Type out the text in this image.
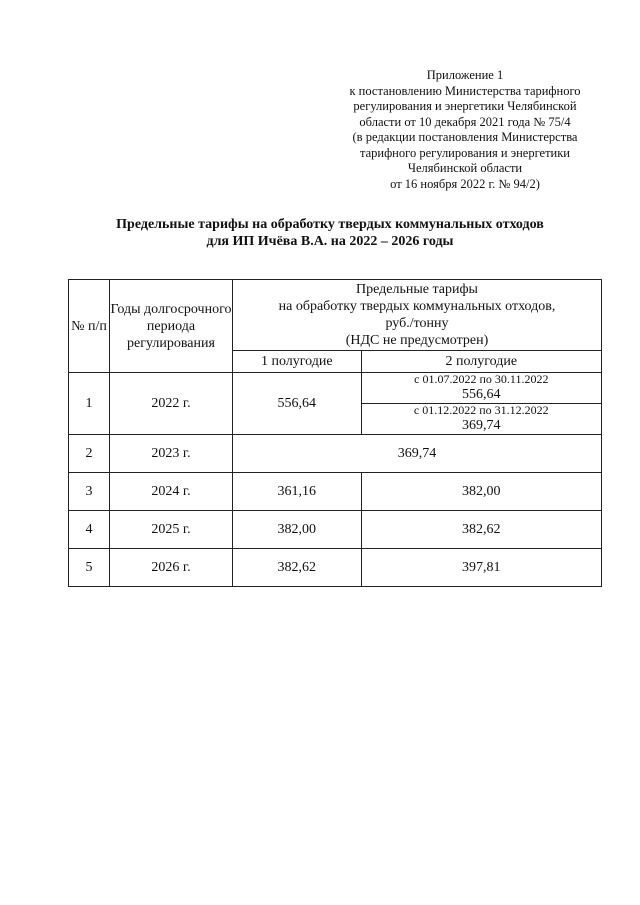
Приложение 1
к постановлению Министерства тарифного
регулирования и энергетики Челябинской
области от 10 декабря 2021 года № 75/4
(в редакции постановления Министерства
тарифного регулирования и энергетики
Челябинской области
от 16 ноября 2022 г. № 94/2)
Предельные тарифы на обработку твердых коммунальных отходов
для ИП Ичёва В.А. на 2022 – 2026 годы
№ п/п	Годы долгосрочного периода регулирования	Предельные тарифы
на обработку твердых коммунальных отходов,
руб./тонну
(НДС не предусмотрен)	

		1 полугодие	2 полугодие
1	2022 г.	556,64	с 01.07.2022 по 30.11.2022
556,64

			с 01.12.2022 по 31.12.2022
369,74

2	2023 г.	369,74	
3	2024 г.	361,16	382,00
4	2025 г.	382,00	382,62
5	2026 г.	382,62	397,81
